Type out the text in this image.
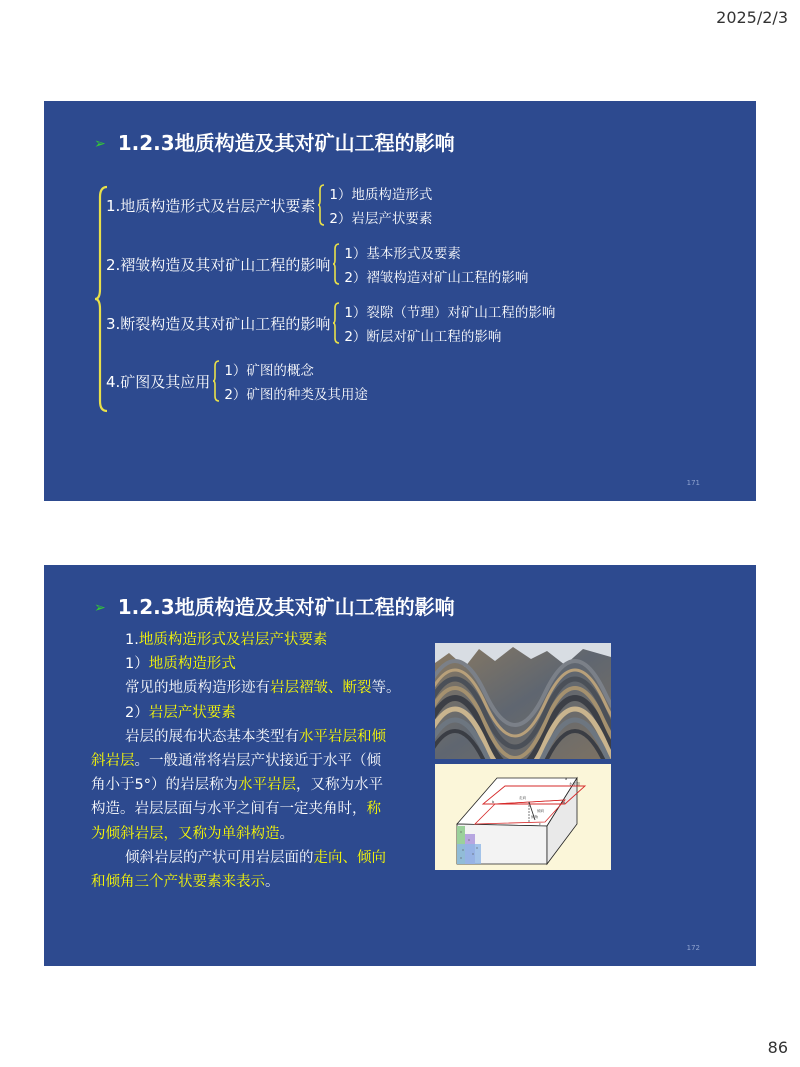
2025/2/3
➢ 1.2.3地质构造及其对矿山工程的影响
1.地质构造形式及岩层产状要素
1）地质构造形式
2）岩层产状要素
2.褶皱构造及其对矿山工程的影响
1）基本形式及要素
2）褶皱构造对矿山工程的影响
3.断裂构造及其对矿山工程的影响
1）裂隙（节理）对矿山工程的影响
2）断层对矿山工程的影响
4.矿图及其应用
1）矿图的概念
2）矿图的种类及其用途
171
➢ 1.2.3地质构造及其对矿山工程的影响
1.地质构造形式及岩层产状要素
1）地质构造形式
常见的地质构造形迹有岩层褶皱、断裂等。
2）岩层产状要素
岩层的展布状态基本类型有水平岩层和倾
斜岩层。一般通常将岩层产状接近于水平（倾
角小于5°）的岩层称为水平岩层，又称为水平
构造。岩层层面与水平之间有一定夹角时，称
为倾斜岩层，又称为单斜构造。
倾斜岩层的产状可用岩层面的走向、倾向
和倾角三个产状要素来表示。
水平面
走向
倾向
倾角
a
b
c
d
172
86
